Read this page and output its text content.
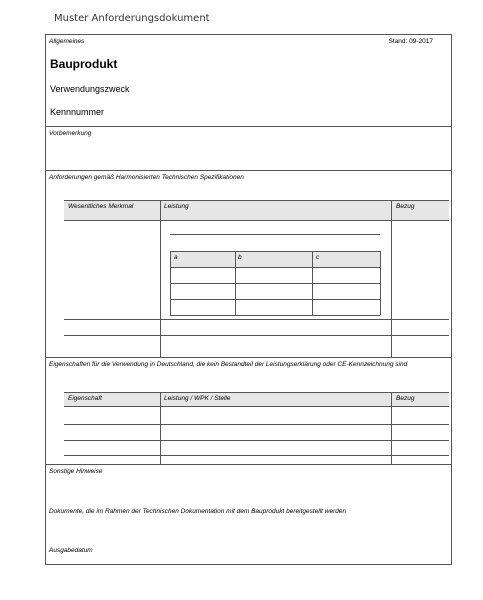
Muster Anforderungsdokument
Allgemeines	Stand: 09-2017
Bauprodukt
Verwendungszweck
Kennnummer
Vorbemerkung
Anforderungen gemäß Harmonisierten Technischen Spezifikationen
Wesentliches Merkmal	Leistung	Bezug
a	b	c
Eigenschaften für die Verwendung in Deutschland, die kein Bestandteil der Leistungserklärung oder CE-Kennzeichnung sind
Eigenschaft	Leistung / WPK / Stelle	Bezug
Sonstige Hinweise
Dokumente, die im Rahmen der Technischen Dokumentation mit dem Bauprodukt bereitgestellt werden
Ausgabedatum
